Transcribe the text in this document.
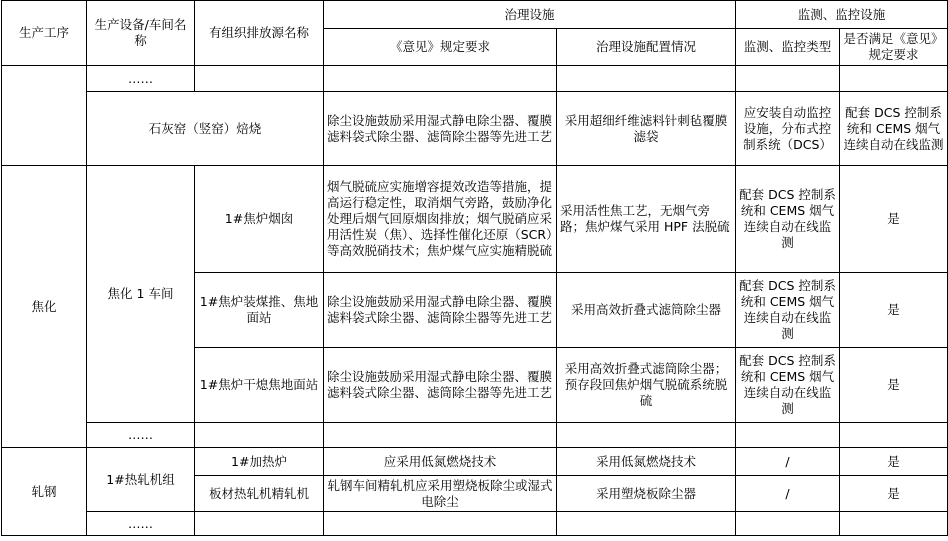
生产工序	生产设备/车间名称	有组织排放源名称	治理设施		监测、监控设施	
			《意见》规定要求	治理设施配置情况	监测、监控类型	是否满足《意见》规定要求
	……					
	石灰窑（竖窑）焙烧		除尘设施鼓励采用湿式静电除尘器、覆膜滤料袋式除尘器、滤筒除尘器等先进工艺	采用超细纤维滤料针刺毡覆膜滤袋	应安装自动监控设施，分布式控制系统（DCS）	配套 DCS 控制系统和 CEMS 烟气连续自动在线监测
焦化	焦化 1 车间	1#焦炉烟囱	烟气脱硫应实施增容提效改造等措施，提高运行稳定性，取消烟气旁路，鼓励净化处理后烟气回原烟囱排放；烟气脱硝应采用活性炭（焦）、选择性催化还原（SCR）等高效脱硝技术；焦炉煤气应实施精脱硫	采用活性焦工艺，无烟气旁路；焦炉煤气采用 HPF 法脱硫	配套 DCS 控制系统和 CEMS 烟气连续自动在线监测	是
		1#焦炉装煤推、焦地面站	除尘设施鼓励采用湿式静电除尘器、覆膜滤料袋式除尘器、滤筒除尘器等先进工艺	采用高效折叠式滤筒除尘器	配套 DCS 控制系统和 CEMS 烟气连续自动在线监测	是
		1#焦炉干熄焦地面站	除尘设施鼓励采用湿式静电除尘器、覆膜滤料袋式除尘器、滤筒除尘器等先进工艺	采用高效折叠式滤筒除尘器；预存段回焦炉烟气脱硫系统脱硫	配套 DCS 控制系统和 CEMS 烟气连续自动在线监测	是
	……					
轧钢	1#热轧机组	1#加热炉	应采用低氮燃烧技术	采用低氮燃烧技术	/	是
		板材热轧机精轧机	轧钢车间精轧机应采用塑烧板除尘或湿式电除尘	采用塑烧板除尘器	/	是
	……					
